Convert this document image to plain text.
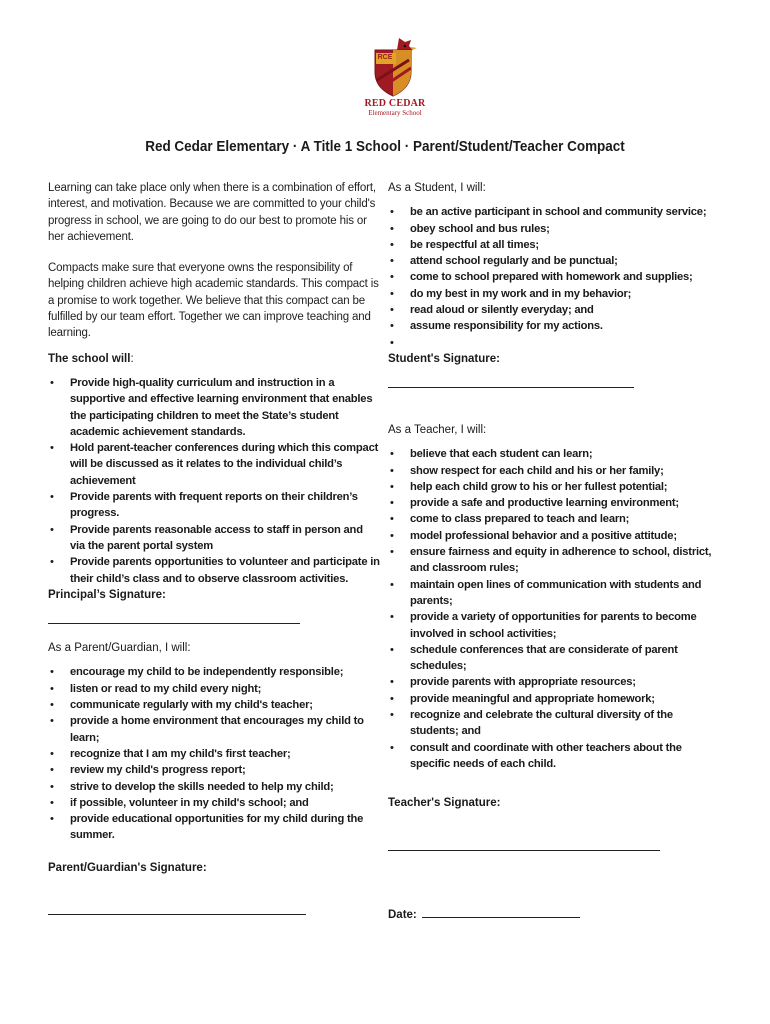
RCE
RED CEDAR
Elementary School
Red Cedar Elementary · A Title 1 School · Parent/Student/Teacher Compact

Learning can take place only when there is a combination of effort, interest, and motivation. Because we are committed to your child's progress in school, we are going to do our best to promote his or her achievement.

Compacts make sure that everyone owns the responsibility of helping children achieve high academic standards. This compact is a promise to work together. We believe that this compact can be fulfilled by our team effort. Together we can improve teaching and learning.

The school will:

• Provide high-quality curriculum and instruction in a supportive and effective learning environment that enables the participating children to meet the State’s student academic achievement standards.
• Hold parent-teacher conferences during which this compact will be discussed as it relates to the individual child’s achievement
• Provide parents with frequent reports on their children’s progress.
• Provide parents reasonable access to staff in person and via the parent portal system
• Provide parents opportunities to volunteer and participate in their child’s class and to observe classroom activities.

Principal’s Signature:

As a Parent/Guardian, I will:

• encourage my child to be independently responsible;
• listen or read to my child every night;
• communicate regularly with my child's teacher;
• provide a home environment that encourages my child to learn;
• recognize that I am my child's first teacher;
• review my child's progress report;
• strive to develop the skills needed to help my child;
• if possible, volunteer in my child's school; and
• provide educational opportunities for my child during the summer.

Parent/Guardian's Signature:

As a Student, I will:

• be an active participant in school and community service;
• obey school and bus rules;
• be respectful at all times;
• attend school regularly and be punctual;
• come to school prepared with homework and supplies;
• do my best in my work and in my behavior;
• read aloud or silently everyday; and
• assume responsibility for my actions.
•

Student's Signature:

As a Teacher, I will:

• believe that each student can learn;
• show respect for each child and his or her family;
• help each child grow to his or her fullest potential;
• provide a safe and productive learning environment;
• come to class prepared to teach and learn;
• model professional behavior and a positive attitude;
• ensure fairness and equity in adherence to school, district, and classroom rules;
• maintain open lines of communication with students and parents;
• provide a variety of opportunities for parents to become involved in school activities;
• schedule conferences that are considerate of parent schedules;
• provide parents with appropriate resources;
• provide meaningful and appropriate homework;
• recognize and celebrate the cultural diversity of the students; and
• consult and coordinate with other teachers about the specific needs of each child.

Teacher's Signature:

Date:
